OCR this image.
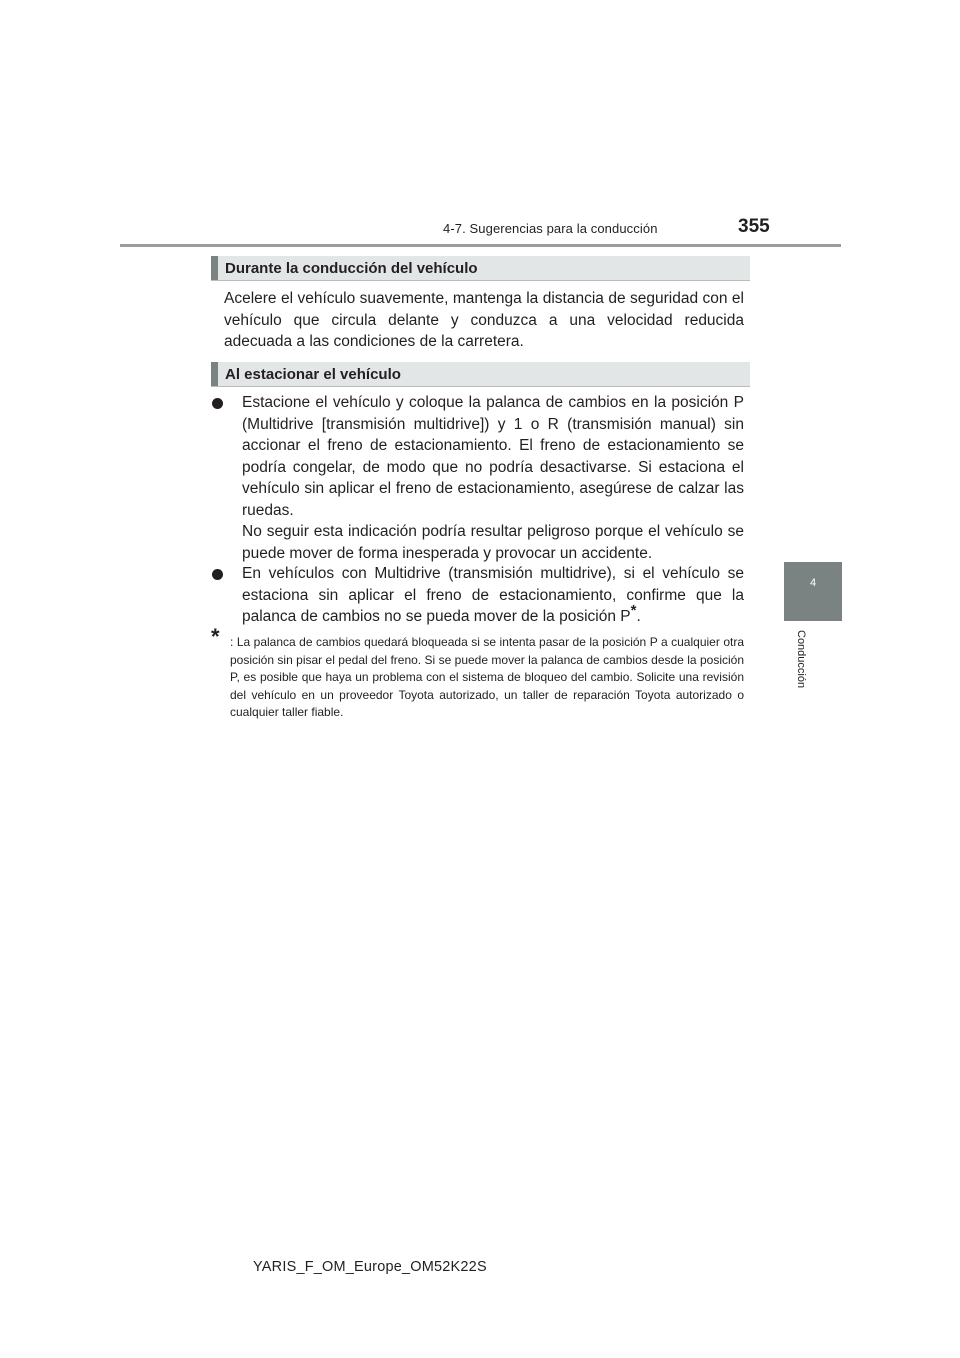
4-7. Sugerencias para la conducción	355
4
Conducción
Durante la conducción del vehículo
Acelere el vehículo suavemente, mantenga la distancia de seguridad con el vehículo que circula delante y conduzca a una velocidad reducida adecuada a las condiciones de la carretera.
Al estacionar el vehículo
Estacione el vehículo y coloque la palanca de cambios en la posición P (Multidrive [transmisión multidrive]) y 1 o R (transmisión manual) sin accionar el freno de estacionamiento. El freno de estacionamiento se podría congelar, de modo que no podría desactivarse. Si estaciona el vehículo sin aplicar el freno de estacionamiento, asegúrese de calzar las ruedas.
No seguir esta indicación podría resultar peligroso porque el vehículo se puede mover de forma inesperada y provocar un accidente.
En vehículos con Multidrive (transmisión multidrive), si el vehículo se estaciona sin aplicar el freno de estacionamiento, confirme que la palanca de cambios no se pueda mover de la posición P*.
* : La palanca de cambios quedará bloqueada si se intenta pasar de la posición P a cualquier otra posición sin pisar el pedal del freno. Si se puede mover la palanca de cambios desde la posición P, es posible que haya un problema con el sistema de bloqueo del cambio. Solicite una revisión del vehículo en un proveedor Toyota autorizado, un taller de reparación Toyota autorizado o cualquier taller fiable.
YARIS_F_OM_Europe_OM52K22S
